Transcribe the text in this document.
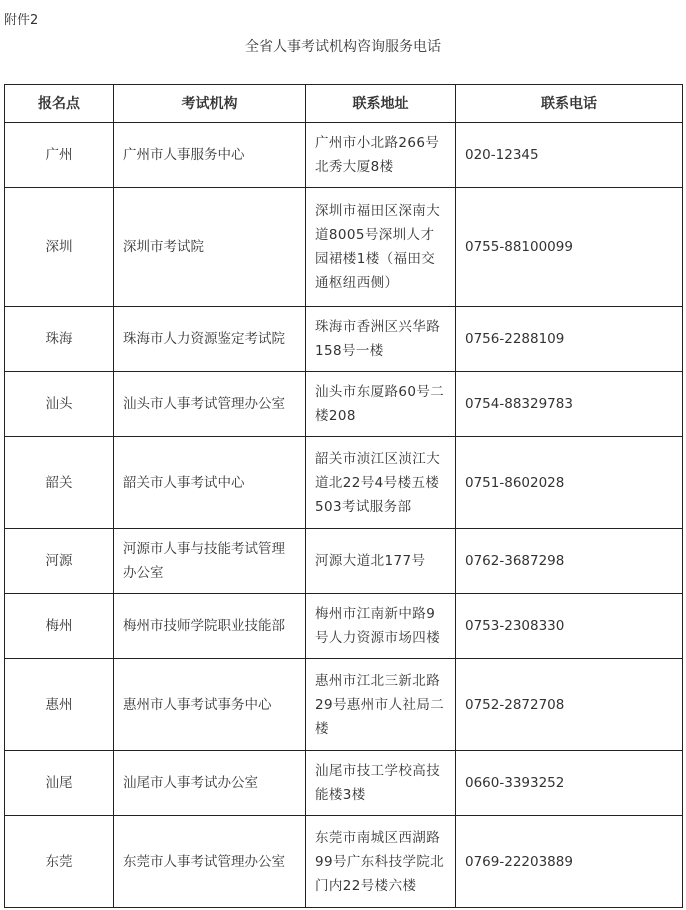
附件2
全省人事考试机构咨询服务电话
报名点	考试机构	联系地址	联系电话
广州	广州市人事服务中心	广州市小北路266号北秀大厦8楼	020-12345
深圳	深圳市考试院	深圳市福田区深南大道8005号深圳人才园裙楼1楼（福田交通枢纽西侧）	0755-88100099
珠海	珠海市人力资源鉴定考试院	珠海市香洲区兴华路158号一楼	0756-2288109
汕头	汕头市人事考试管理办公室	汕头市东厦路60号二楼208	0754-88329783
韶关	韶关市人事考试中心	韶关市浈江区浈江大道北22号4号楼五楼503考试服务部	0751-8602028
河源	河源市人事与技能考试管理办公室	河源大道北177号	0762-3687298
梅州	梅州市技师学院职业技能部	梅州市江南新中路9号人力资源市场四楼	0753-2308330
惠州	惠州市人事考试事务中心	惠州市江北三新北路29号惠州市人社局二楼	0752-2872708
汕尾	汕尾市人事考试办公室	汕尾市技工学校高技能楼3楼	0660-3393252
东莞	东莞市人事考试管理办公室	东莞市南城区西湖路99号广东科技学院北门内22号楼六楼	0769-22203889
